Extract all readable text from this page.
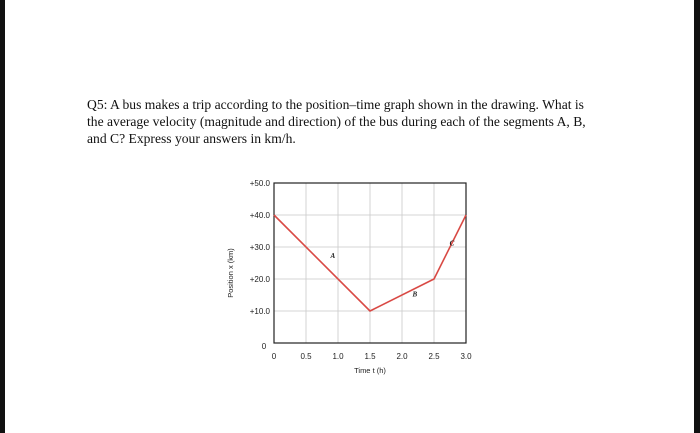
Q5: A bus makes a trip according to the position–time graph shown in the drawing. What is
the average velocity (magnitude and direction) of the bus during each of the segments A, B,
and C? Express your answers in km/h.
0
+10.0
+20.0
+30.0
+40.0
+50.0
0	0.5	1.0	1.5	2.0	2.5	3.0
A
B
C
Time t (h)
Position x (km)
